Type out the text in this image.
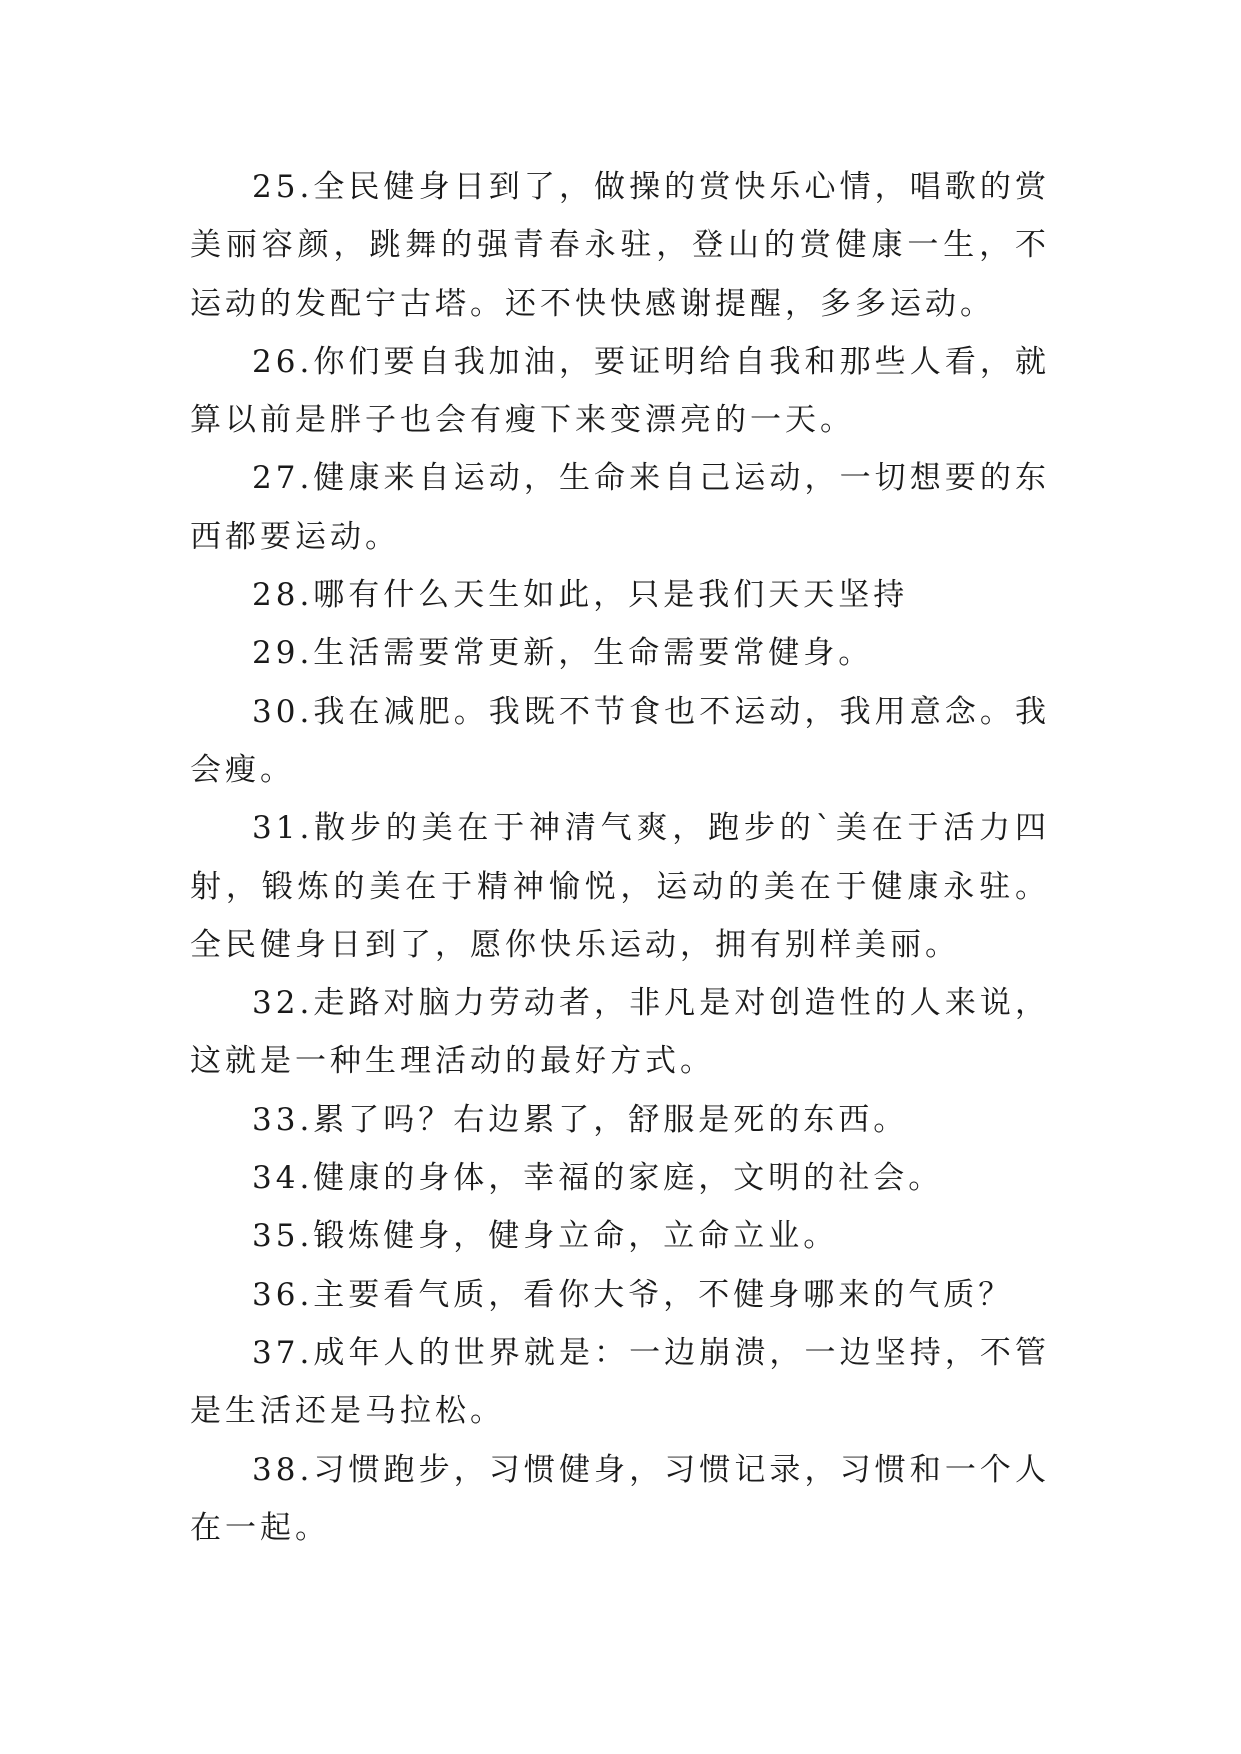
25.全民健身日到了，做操的赏快乐心情，唱歌的赏美丽容颜，跳舞的强青春永驻，登山的赏健康一生，不运动的发配宁古塔。还不快快感谢提醒，多多运动。

26.你们要自我加油，要证明给自我和那些人看，就算以前是胖子也会有瘦下来变漂亮的一天。

27.健康来自运动，生命来自己运动，一切想要的东西都要运动。

28.哪有什么天生如此，只是我们天天坚持

29.生活需要常更新，生命需要常健身。

30.我在减肥。我既不节食也不运动，我用意念。我会瘦。

31.散步的美在于神清气爽，跑步的`美在于活力四射，锻炼的美在于精神愉悦，运动的美在于健康永驻。全民健身日到了，愿你快乐运动，拥有别样美丽。

32.走路对脑力劳动者，非凡是对创造性的人来说，这就是一种生理活动的最好方式。

33.累了吗？右边累了，舒服是死的东西。

34.健康的身体，幸福的家庭，文明的社会。

35.锻炼健身，健身立命，立命立业。

36.主要看气质，看你大爷，不健身哪来的气质？

37.成年人的世界就是：一边崩溃，一边坚持，不管是生活还是马拉松。

38.习惯跑步，习惯健身，习惯记录，习惯和一个人在一起。
